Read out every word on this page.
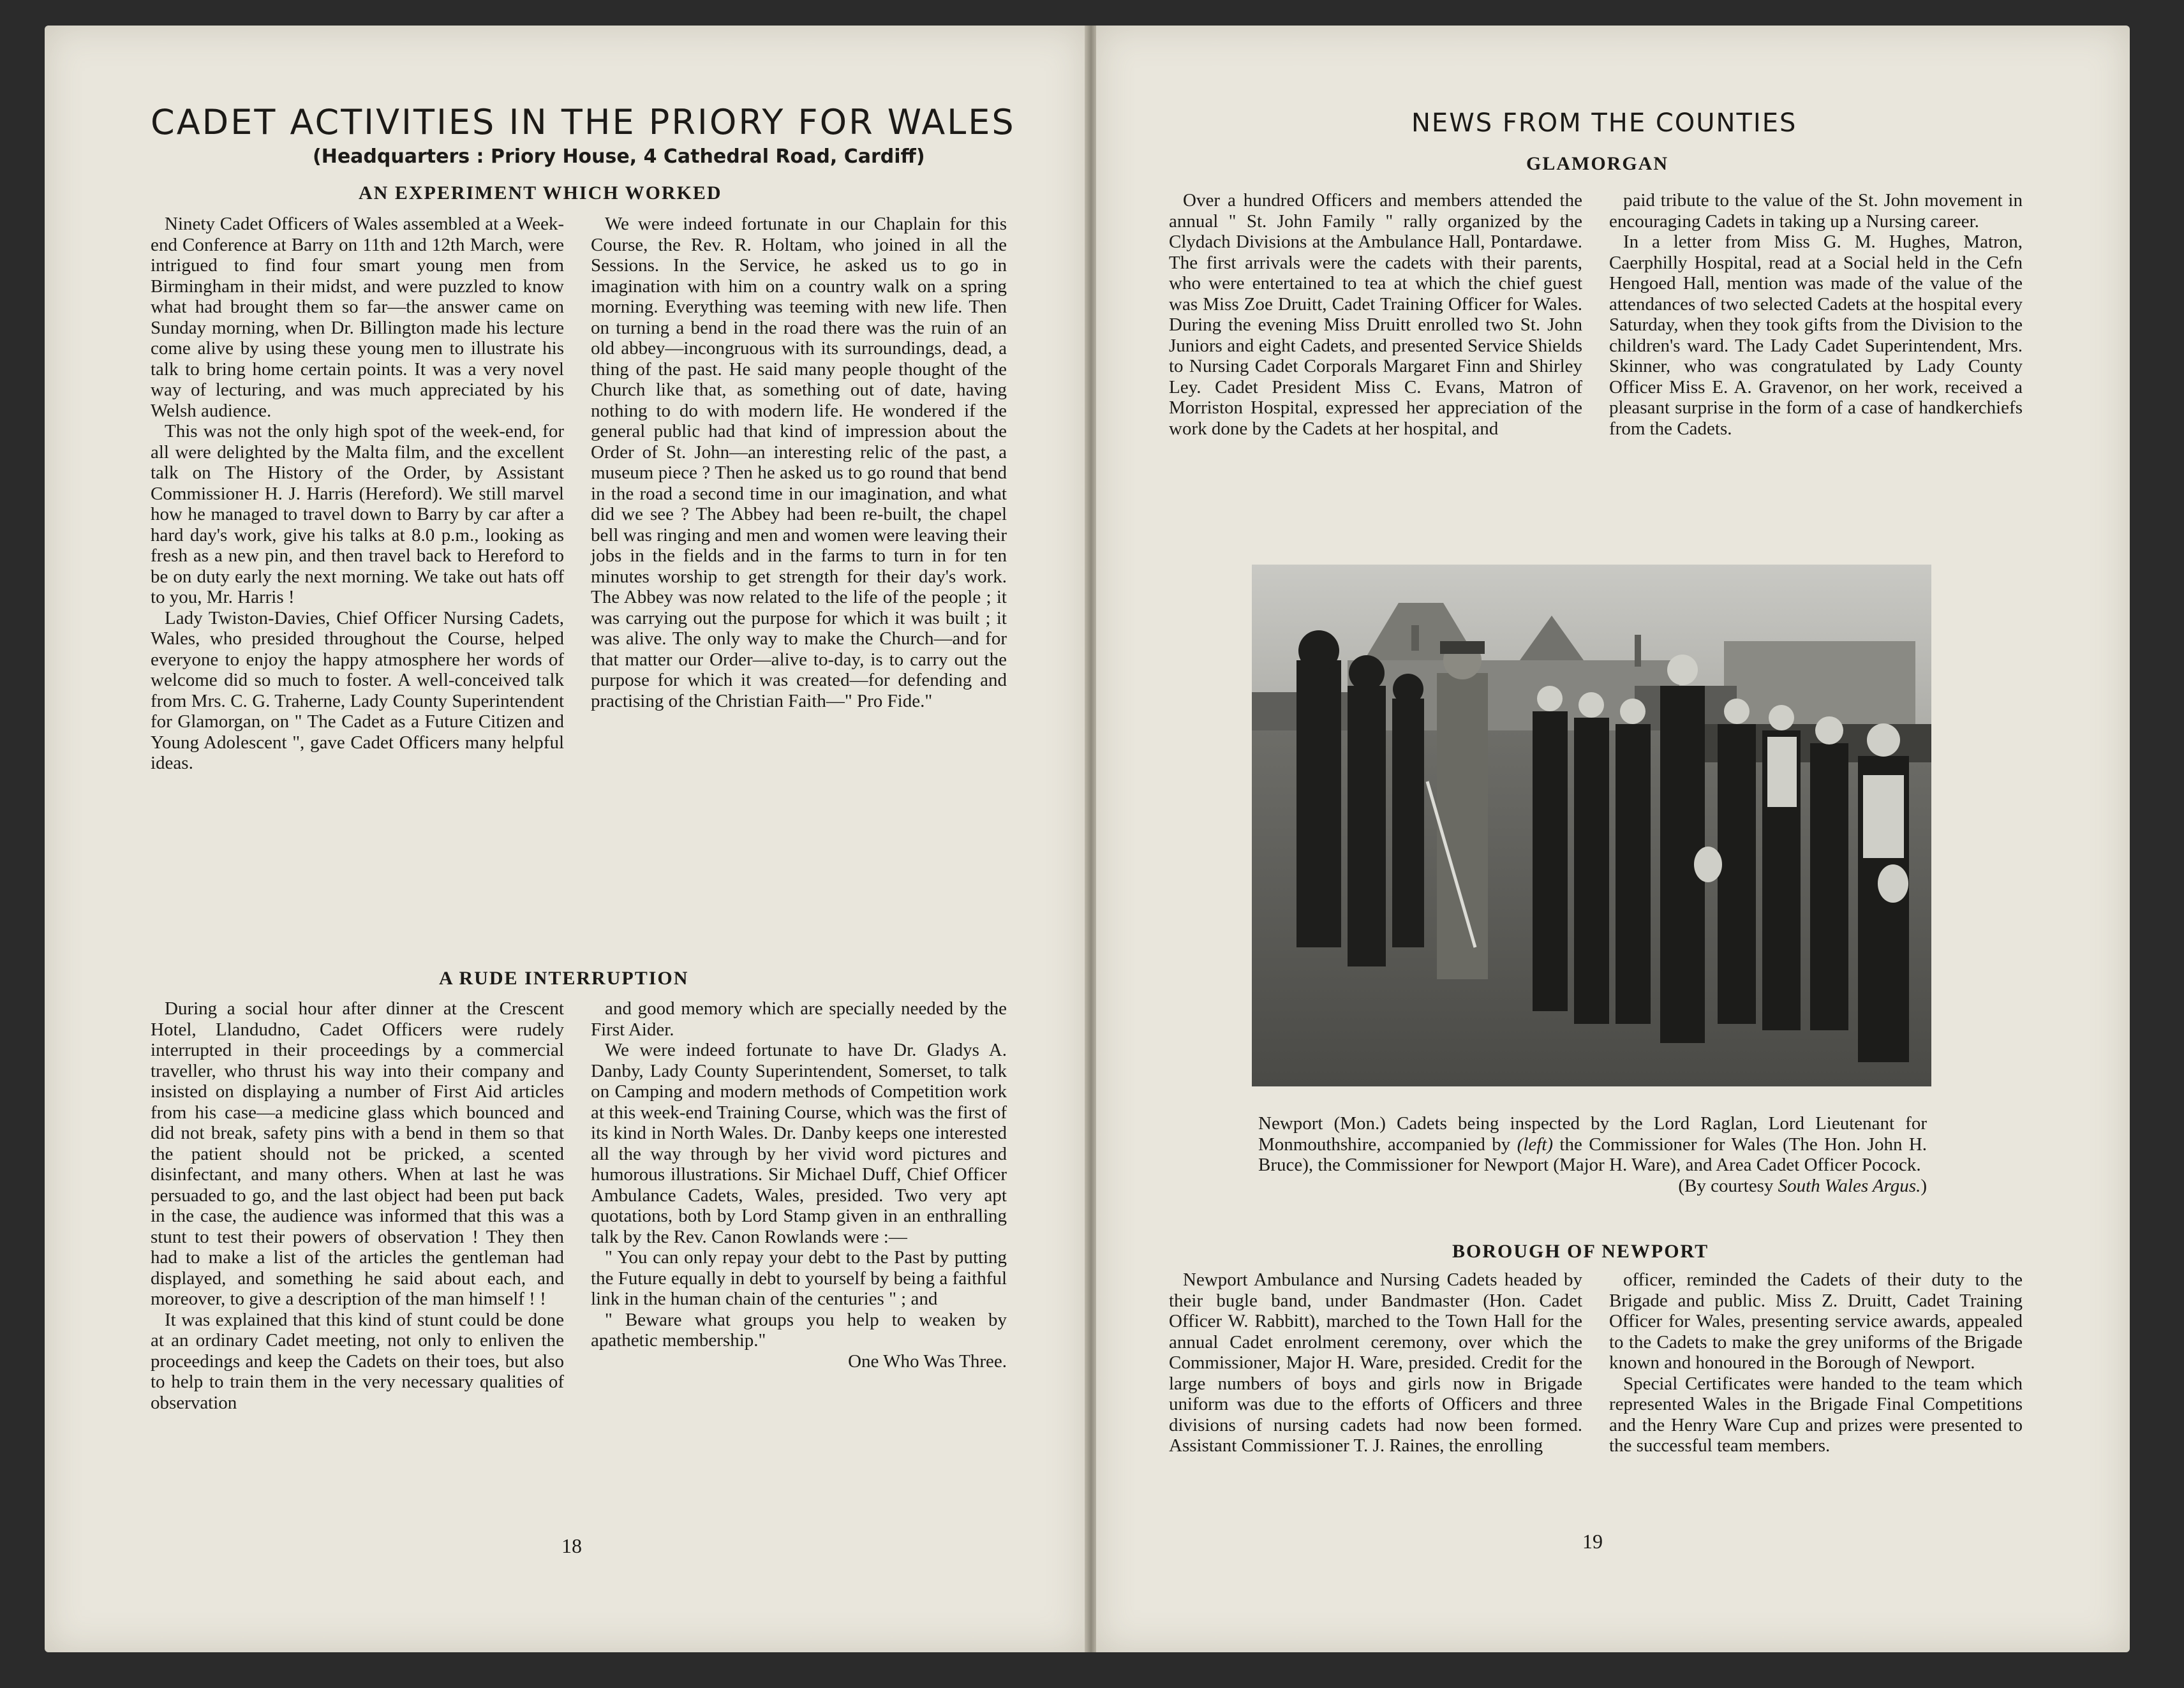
CADET ACTIVITIES IN THE PRIORY FOR WALES
(Headquarters : Priory House, 4 Cathedral Road, Cardiff)
AN EXPERIMENT WHICH WORKED

Ninety Cadet Officers of Wales assembled at a Week-end Conference at Barry on 11th and 12th March, were intrigued to find four smart young men from Birmingham in their midst, and were puzzled to know what had brought them so far—the answer came on Sunday morning, when Dr. Billington made his lecture come alive by using these young men to illustrate his talk to bring home certain points. It was a very novel way of lecturing, and was much appreciated by his Welsh audience.

This was not the only high spot of the week-end, for all were delighted by the Malta film, and the excellent talk on The History of the Order, by Assistant Commissioner H. J. Harris (Hereford). We still marvel how he managed to travel down to Barry by car after a hard day's work, give his talks at 8.0 p.m., looking as fresh as a new pin, and then travel back to Hereford to be on duty early the next morning. We take out hats off to you, Mr. Harris !

Lady Twiston-Davies, Chief Officer Nursing Cadets, Wales, who presided throughout the Course, helped everyone to enjoy the happy atmosphere her words of welcome did so much to foster. A well-conceived talk from Mrs. C. G. Traherne, Lady County Superintendent for Glamorgan, on " The Cadet as a Future Citizen and Young Adolescent ", gave Cadet Officers many helpful ideas.

We were indeed fortunate in our Chaplain for this Course, the Rev. R. Holtam, who joined in all the Sessions. In the Service, he asked us to go in imagination with him on a country walk on a spring morning. Everything was teeming with new life. Then on turning a bend in the road there was the ruin of an old abbey—incongruous with its surroundings, dead, a thing of the past. He said many people thought of the Church like that, as something out of date, having nothing to do with modern life. He wondered if the general public had that kind of impression about the Order of St. John—an interesting relic of the past, a museum piece ? Then he asked us to go round that bend in the road a second time in our imagination, and what did we see ? The Abbey had been re-built, the chapel bell was ringing and men and women were leaving their jobs in the fields and in the farms to turn in for ten minutes worship to get strength for their day's work. The Abbey was now related to the life of the people ; it was carrying out the purpose for which it was built ; it was alive. The only way to make the Church—and for that matter our Order—alive to-day, is to carry out the purpose for which it was created—for defending and practising of the Christian Faith—" Pro Fide."

A RUDE INTERRUPTION

During a social hour after dinner at the Crescent Hotel, Llandudno, Cadet Officers were rudely interrupted in their proceedings by a commercial traveller, who thrust his way into their company and insisted on displaying a number of First Aid articles from his case—a medicine glass which bounced and did not break, safety pins with a bend in them so that the patient should not be pricked, a scented disinfectant, and many others. When at last he was persuaded to go, and the last object had been put back in the case, the audience was informed that this was a stunt to test their powers of observation ! They then had to make a list of the articles the gentleman had displayed, and something he said about each, and moreover, to give a description of the man himself ! !

It was explained that this kind of stunt could be done at an ordinary Cadet meeting, not only to enliven the proceedings and keep the Cadets on their toes, but also to help to train them in the very necessary qualities of observation

and good memory which are specially needed by the First Aider.

We were indeed fortunate to have Dr. Gladys A. Danby, Lady County Superintendent, Somerset, to talk on Camping and modern methods of Competition work at this week-end Training Course, which was the first of its kind in North Wales. Dr. Danby keeps one interested all the way through by her vivid word pictures and humorous illustrations. Sir Michael Duff, Chief Officer Ambulance Cadets, Wales, presided. Two very apt quotations, both by Lord Stamp given in an enthralling talk by the Rev. Canon Rowlands were :—

" You can only repay your debt to the Past by putting the Future equally in debt to yourself by being a faithful link in the human chain of the centuries " ; and

" Beware what groups you help to weaken by apathetic membership."

One Who Was Three.

18
NEWS FROM THE COUNTIES
GLAMORGAN

Over a hundred Officers and members attended the annual " St. John Family " rally organized by the Clydach Divisions at the Ambulance Hall, Pontardawe. The first arrivals were the cadets with their parents, who were entertained to tea at which the chief guest was Miss Zoe Druitt, Cadet Training Officer for Wales. During the evening Miss Druitt enrolled two St. John Juniors and eight Cadets, and presented Service Shields to Nursing Cadet Corporals Margaret Finn and Shirley Ley. Cadet President Miss C. Evans, Matron of Morriston Hospital, expressed her appreciation of the work done by the Cadets at her hospital, and

paid tribute to the value of the St. John movement in encouraging Cadets in taking up a Nursing career.

In a letter from Miss G. M. Hughes, Matron, Caerphilly Hospital, read at a Social held in the Cefn Hengoed Hall, mention was made of the value of the attendances of two selected Cadets at the hospital every Saturday, when they took gifts from the Division to the children's ward. The Lady Cadet Superintendent, Mrs. Skinner, who was congratulated by Lady County Officer Miss E. A. Gravenor, on her work, received a pleasant surprise in the form of a case of handkerchiefs from the Cadets.

Newport (Mon.) Cadets being inspected by the Lord Raglan, Lord Lieutenant for Monmouthshire, accompanied by (left) the Commissioner for Wales (The Hon. John H. Bruce), the Commissioner for Newport (Major H. Ware), and Area Cadet Officer Pocock.

(By courtesy South Wales Argus.)

BOROUGH OF NEWPORT

Newport Ambulance and Nursing Cadets headed by their bugle band, under Bandmaster (Hon. Cadet Officer W. Rabbitt), marched to the Town Hall for the annual Cadet enrolment ceremony, over which the Commissioner, Major H. Ware, presided. Credit for the large numbers of boys and girls now in Brigade uniform was due to the efforts of Officers and three divisions of nursing cadets had now been formed. Assistant Commissioner T. J. Raines, the enrolling

officer, reminded the Cadets of their duty to the Brigade and public. Miss Z. Druitt, Cadet Training Officer for Wales, presenting service awards, appealed to the Cadets to make the grey uniforms of the Brigade known and honoured in the Borough of Newport.

Special Certificates were handed to the team which represented Wales in the Brigade Final Competitions and the Henry Ware Cup and prizes were presented to the successful team members.

19
